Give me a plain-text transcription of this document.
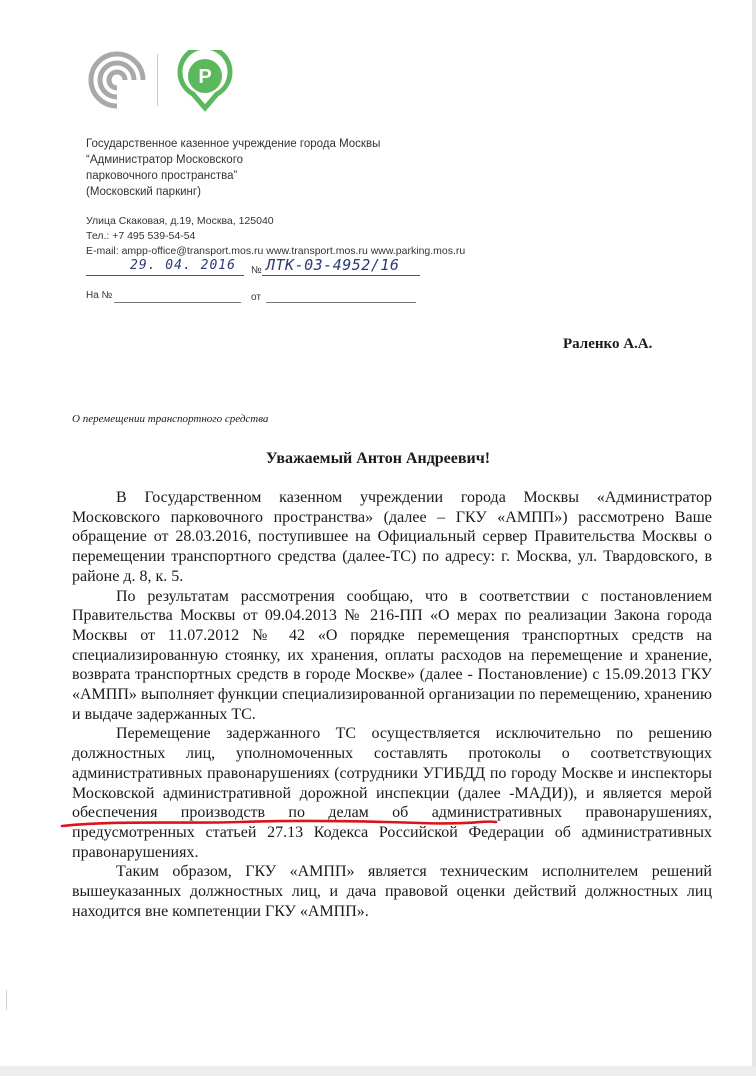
P
Государственное казенное учреждение города Москвы
“Администратор Московского
парковочного пространства”
(Московский паркинг)
Улица Скаковая, д.19, Москва, 125040
Тел.: +7 495 539-54-54
E-mail: ampp-office@transport.mos.ru www.transport.mos.ru www.parking.mos.ru
29. 04. 2016 № ЛТК-03-4952/16
На №	от
Раленко А.А.
О перемещении транспортного средства
Уважаемый Антон Андреевич!

В Государственном казенном учреждении города Москвы «Администратор Московского парковочного пространства» (далее – ГКУ «АМПП») рассмотрено Ваше обращение от 28.03.2016, поступившее на Официальный сервер Правительства Москвы о перемещении транспортного средства (далее-ТС) по адресу: г. Москва, ул. Твардовского, в районе д. 8, к. 5.

По результатам рассмотрения сообщаю, что в соответствии с постановлением Правительства Москвы от 09.04.2013 № 216-ПП «О мерах по реализации Закона города Москвы от 11.07.2012 № 42 «О порядке перемещения транспортных средств на специализированную стоянку, их хранения, оплаты расходов на перемещение и хранение, возврата транспортных средств в городе Москве» (далее - Постановление) с 15.09.2013 ГКУ «АМПП» выполняет функции специализированной организации по перемещению, хранению и выдаче задержанных ТС.

Перемещение задержанного ТС осуществляется исключительно по решению должностных лиц, уполномоченных составлять протоколы о соответствующих административных правонарушениях (сотрудники УГИБДД по городу Москве и инспекторы Московской административной дорожной инспекции (далее -МАДИ)), и является мерой обеспечения производств по делам об административных правонарушениях, предусмотренных статьей 27.13 Кодекса Российской Федерации об административных правонарушениях.

Таким образом, ГКУ «АМПП» является техническим исполнителем решений вышеуказанных должностных лиц, и дача правовой оценки действий должностных лиц находится вне компетенции ГКУ «АМПП».
